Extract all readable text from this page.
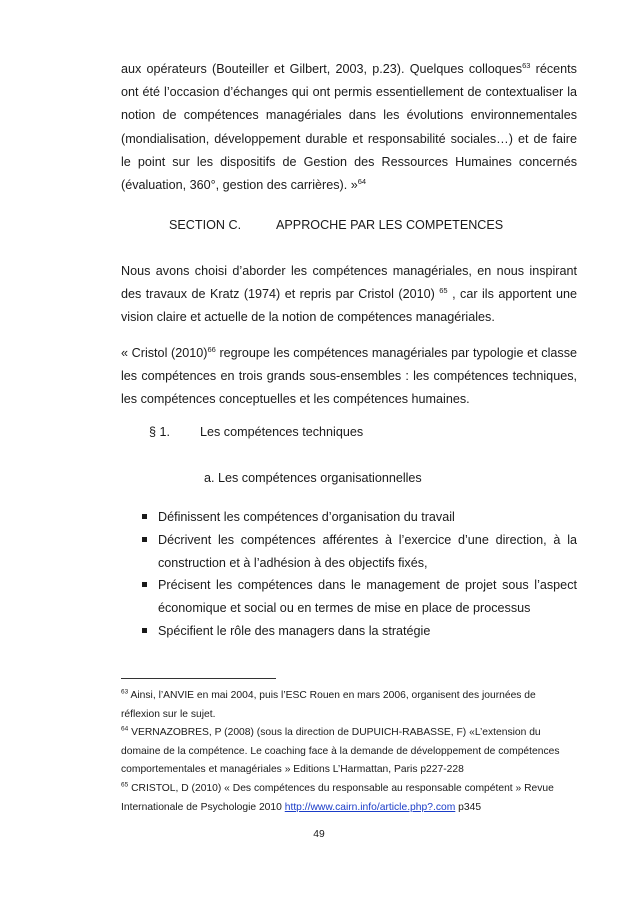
aux opérateurs (Bouteiller et Gilbert, 2003, p.23). Quelques colloques$^{63}$ récents ont été l’occasion d’échanges qui ont permis essentiellement de contextualiser la notion de compétences managériales dans les évolutions environnementales (mondialisation, développement durable et responsabilité sociales…) et de faire le point sur les dispositifs de Gestion des Ressources Humaines concernés (évaluation, 360°, gestion des carrières). »$^{64}$
SECTION C.	APPROCHE PAR LES COMPETENCES
Nous avons choisi d’aborder les compétences managériales, en nous inspirant des travaux de Kratz (1974) et repris par Cristol (2010) $^{65}$ , car ils apportent une vision claire et actuelle de la notion de compétences managériales.
« Cristol $(2010)^{66}$ regroupe les compétences managériales par typologie et classe les compétences en trois grands sous-ensembles : les compétences techniques, les compétences conceptuelles et les compétences humaines.
§ 1. Les compétences techniques
a. Les compétences organisationnelles
Définissent les compétences d’organisation du travail
Décrivent les compétences afférentes à l’exercice d’une direction, à la construction et à l’adhésion à des objectifs fixés,
Précisent les compétences dans le management de projet sous l’aspect économique et social ou en termes de mise en place de processus
Spécifient le rôle des managers dans la stratégie

$^{63}$ Ainsi, l’ANVIE en mai 2004, puis l’ESC Rouen en mars 2006, organisent des journées de réflexion sur le sujet.

$^{64}$ VERNAZOBRES, P (2008) (sous la direction de DUPUICH-RABASSE, F) «L’extension du domaine de la compétence. Le coaching face à la demande de développement de compétences comportementales et managériales » Editions L’Harmattan, Paris p227-228

$^{65}$ CRISTOL, D (2010) « Des compétences du responsable au responsable compétent » Revue Internationale de Psychologie 2010 http://www.cairn.info/article.php?.com p345

49
